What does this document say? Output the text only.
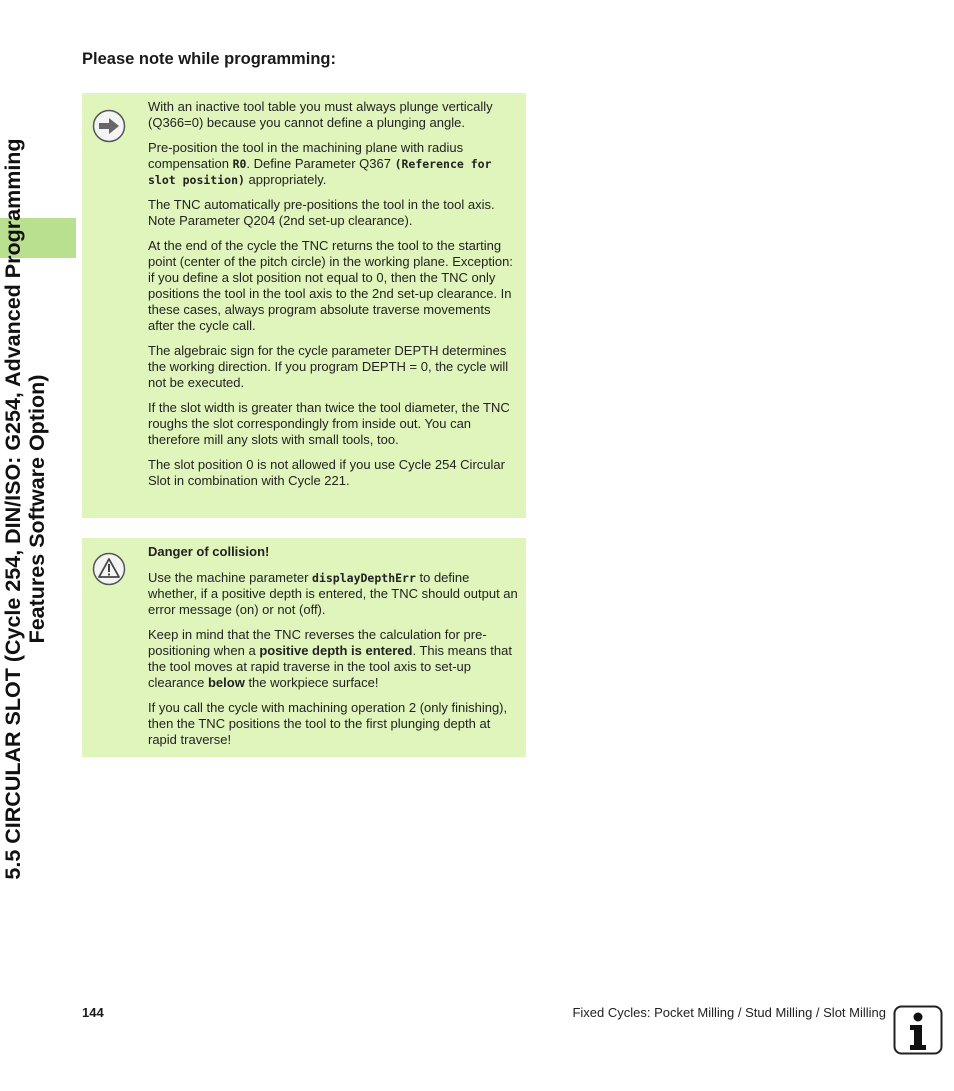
5.5 CIRCULAR SLOT (Cycle 254, DIN/ISO: G254, Advanced Programming Features Software Option)
Please note while programming:

With an inactive tool table you must always plunge vertically (Q366=0) because you cannot define a plunging angle.

Pre-position the tool in the machining plane with radius compensation R0. Define Parameter Q367 (Reference for slot position) appropriately.

The TNC automatically pre-positions the tool in the tool axis. Note Parameter Q204 (2nd set-up clearance).

At the end of the cycle the TNC returns the tool to the starting point (center of the pitch circle) in the working plane. Exception: if you define a slot position not equal to 0, then the TNC only positions the tool in the tool axis to the 2nd set-up clearance. In these cases, always program absolute traverse movements after the cycle call.

The algebraic sign for the cycle parameter DEPTH determines the working direction. If you program DEPTH = 0, the cycle will not be executed.

If the slot width is greater than twice the tool diameter, the TNC roughs the slot correspondingly from inside out. You can therefore mill any slots with small tools, too.

The slot position 0 is not allowed if you use Cycle 254 Circular Slot in combination with Cycle 221.

Danger of collision!

Use the machine parameter displayDepthErr to define whether, if a positive depth is entered, the TNC should output an error message (on) or not (off).

Keep in mind that the TNC reverses the calculation for pre-positioning when a positive depth is entered. This means that the tool moves at rapid traverse in the tool axis to set-up clearance below the workpiece surface!

If you call the cycle with machining operation 2 (only finishing), then the TNC positions the tool to the first plunging depth at rapid traverse!

144	Fixed Cycles: Pocket Milling / Stud Milling / Slot Milling
